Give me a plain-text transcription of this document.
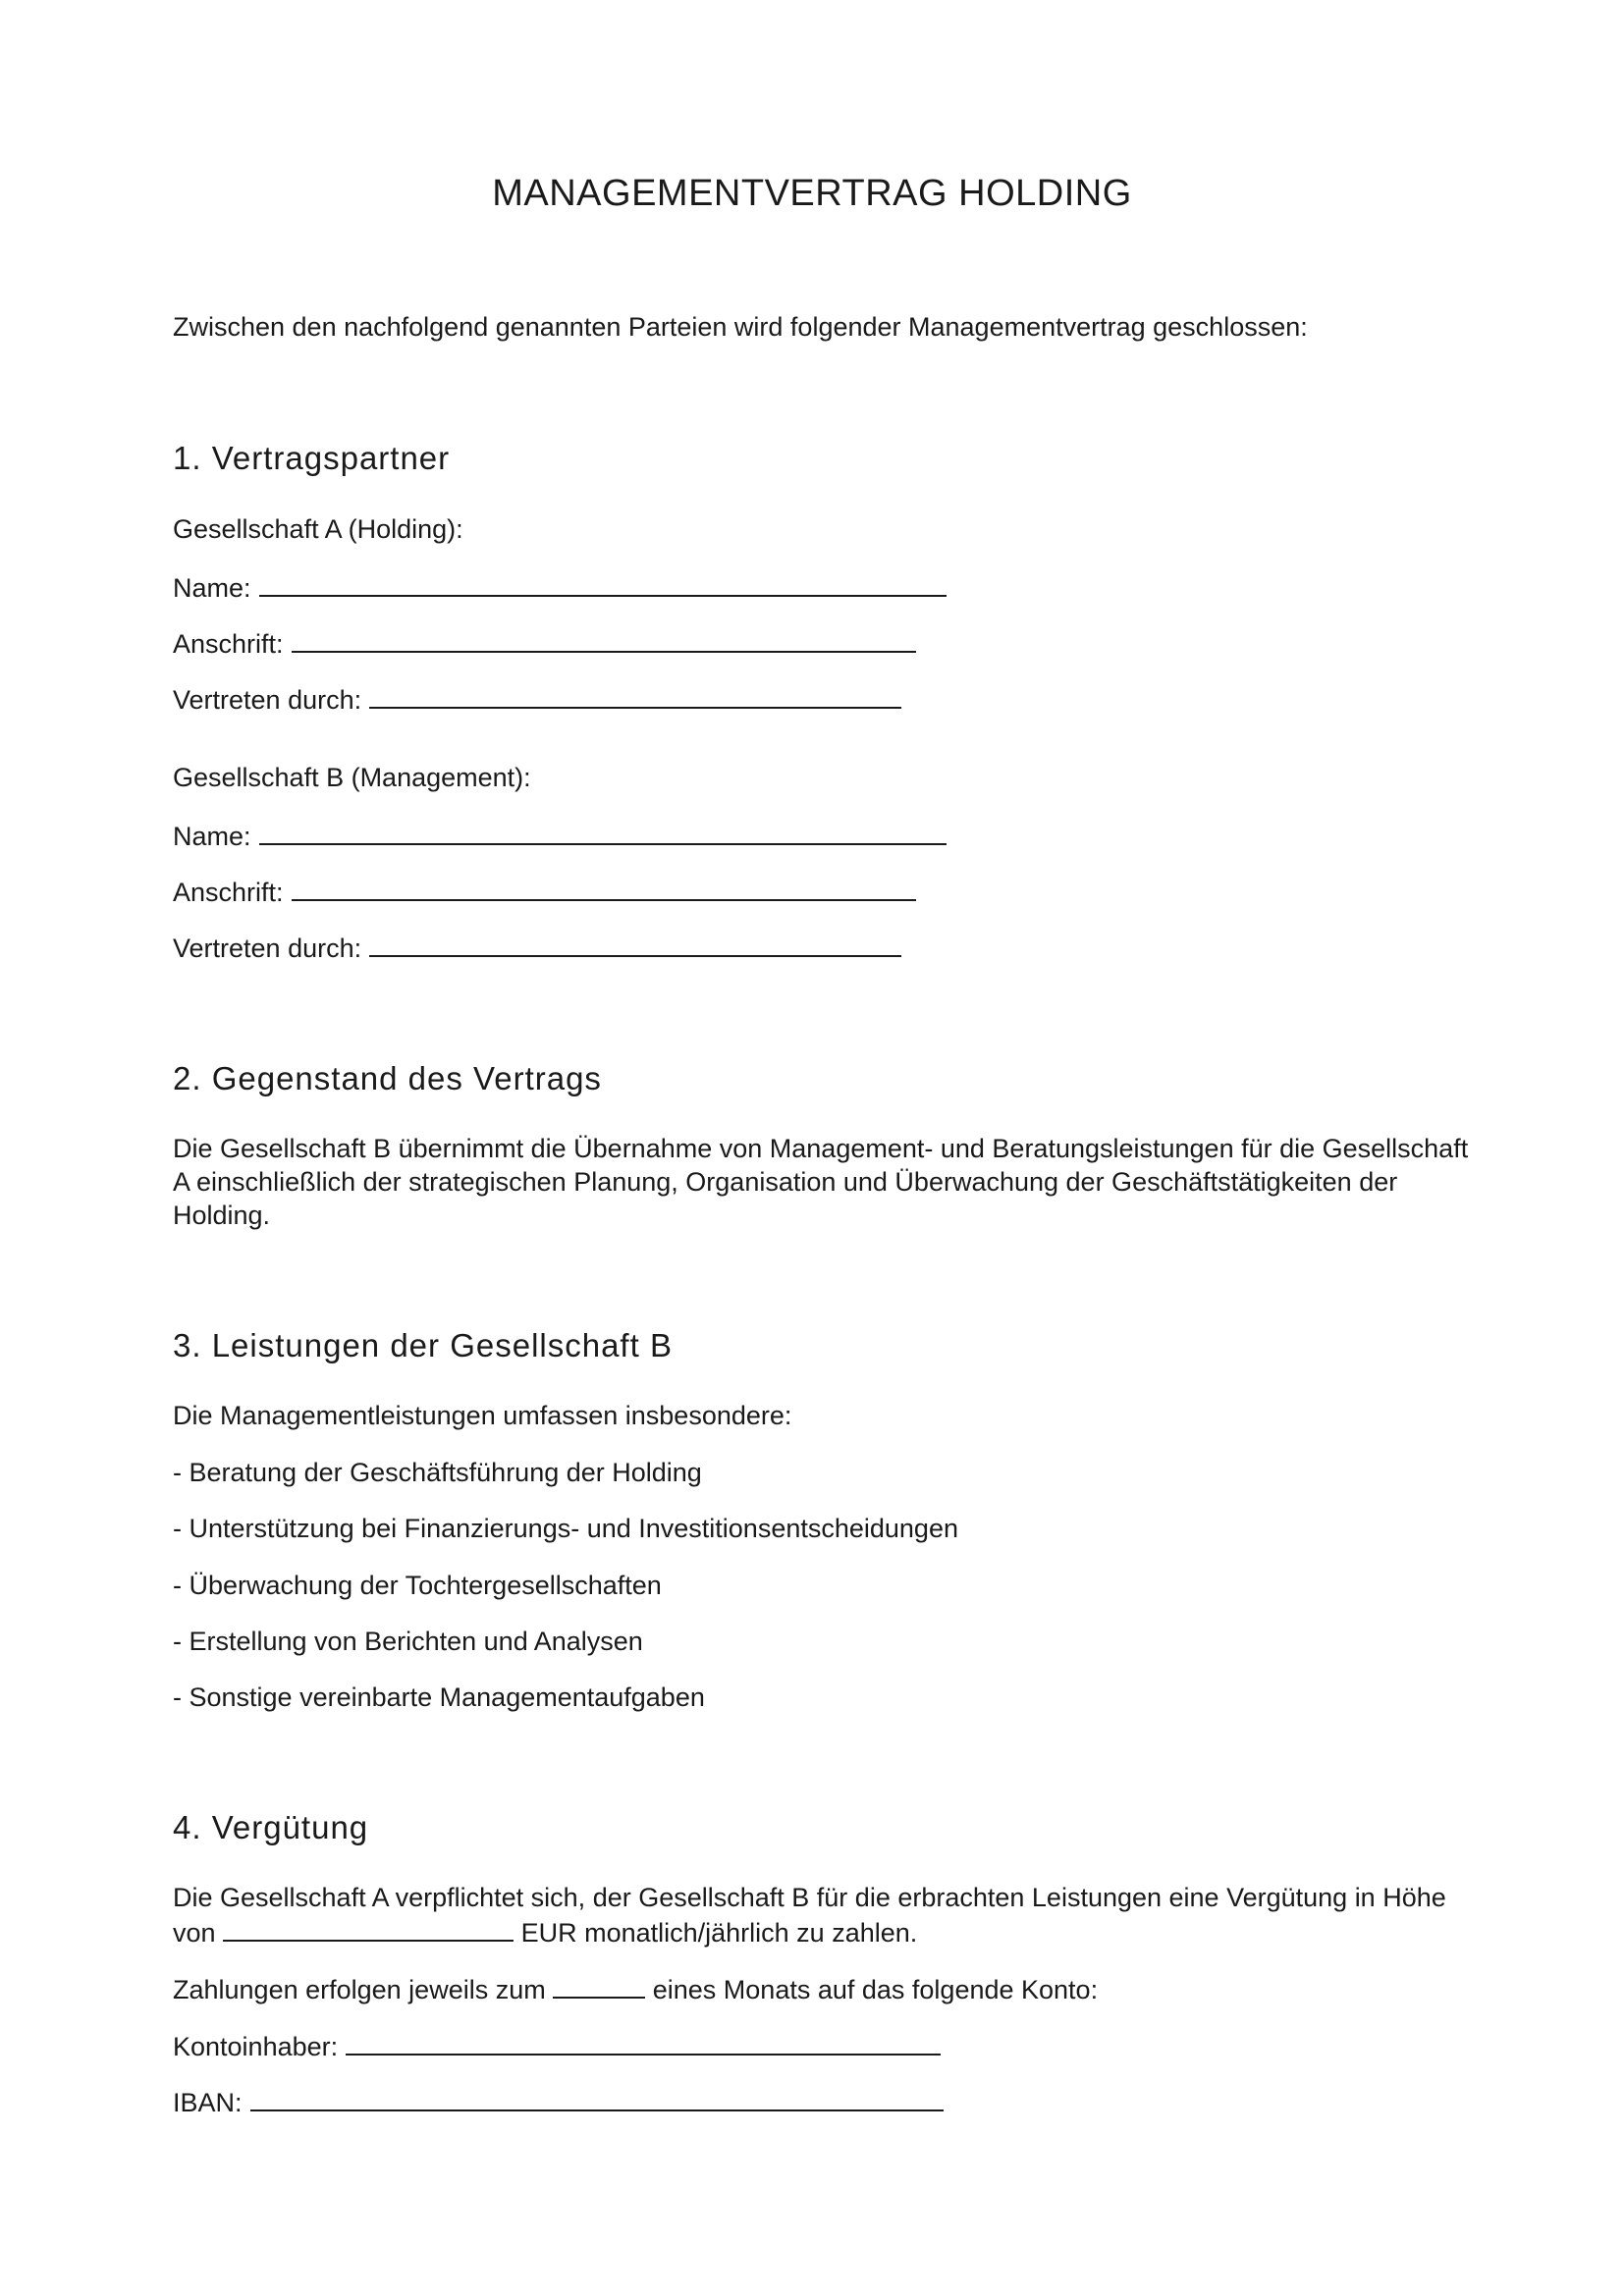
MANAGEMENTVERTRAG HOLDING
Zwischen den nachfolgend genannten Parteien wird folgender Managementvertrag geschlossen:
1. Vertragspartner
Gesellschaft A (Holding):
Name:
Anschrift:
Vertreten durch:
Gesellschaft B (Management):
Name:
Anschrift:
Vertreten durch:
2. Gegenstand des Vertrags
Die Gesellschaft B übernimmt die Übernahme von Management- und Beratungsleistungen für die Gesellschaft A einschließlich der strategischen Planung, Organisation und Überwachung der Geschäftstätigkeiten der Holding.
3. Leistungen der Gesellschaft B
Die Managementleistungen umfassen insbesondere:
- Beratung der Geschäftsführung der Holding
- Unterstützung bei Finanzierungs- und Investitionsentscheidungen
- Überwachung der Tochtergesellschaften
- Erstellung von Berichten und Analysen
- Sonstige vereinbarte Managementaufgaben
4. Vergütung
Die Gesellschaft A verpflichtet sich, der Gesellschaft B für die erbrachten Leistungen eine Vergütung in Höhe von	EUR monatlich/jährlich zu zahlen.
Zahlungen erfolgen jeweils zum	eines Monats auf das folgende Konto:
Kontoinhaber:
IBAN:
